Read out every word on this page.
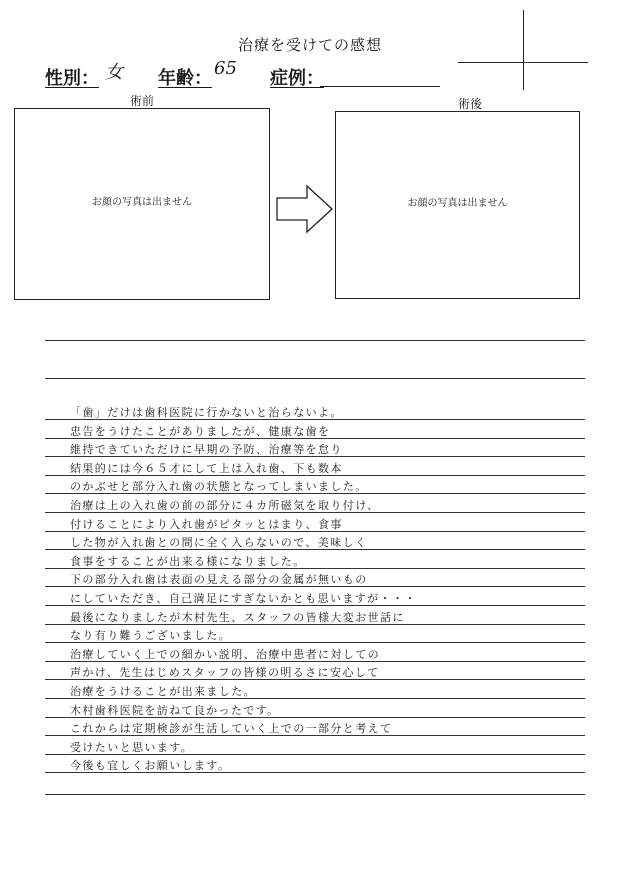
治療を受けての感想
性別： 女 年齢： 65 症例：
術前
お顔の写真は出ません
術後
お顔の写真は出ません
「歯」だけは歯科医院に行かないと治らないよ。
忠告をうけたことがありましたが、健康な歯を
維持できていただけに早期の予防、治療等を怠り
結果的には今６５才にして上は入れ歯、下も数本
のかぶせと部分入れ歯の状態となってしまいました。
治療は上の入れ歯の前の部分に４カ所磁気を取り付け、
付けることにより入れ歯がピタッとはまり、食事
した物が入れ歯との間に全く入らないので、美味しく
食事をすることが出来る様になりました。
下の部分入れ歯は表面の見える部分の金属が無いもの
にしていただき、自己満足にすぎないかとも思いますが・・・
最後になりましたが木村先生、スタッフの皆様大変お世話に
なり有り難うございました。
治療していく上での細かい説明、治療中患者に対しての
声かけ、先生はじめスタッフの皆様の明るさに安心して
治療をうけることが出来ました。
木村歯科医院を訪ねて良かったです。
これからは定期検診が生活していく上での一部分と考えて
受けたいと思います。
今後も宜しくお願いします。
